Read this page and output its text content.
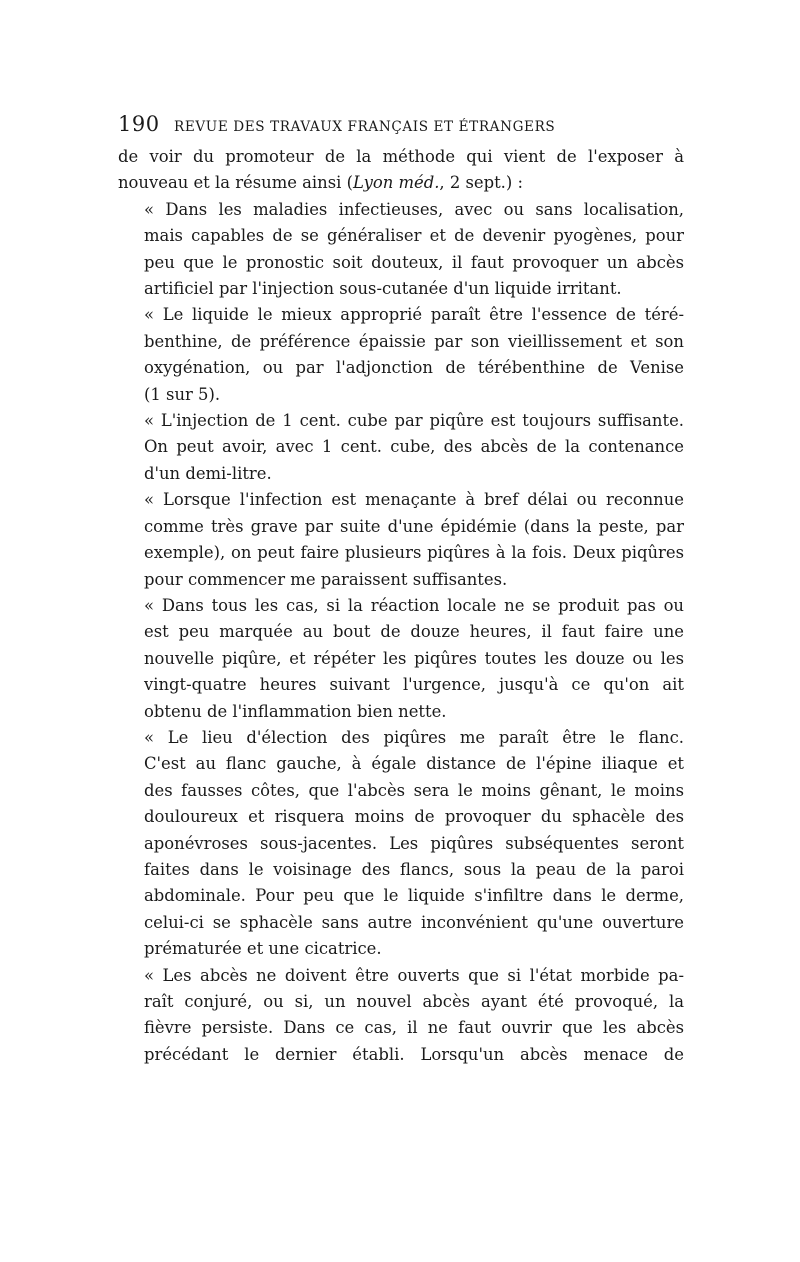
190	REVUE DES TRAVAUX FRANÇAIS ET ÉTRANGERS

de voir du promoteur de la méthode qui vient de l'exposer à
nouveau et la résume ainsi (Lyon méd., 2 sept.) :

« Dans les maladies infectieuses, avec ou sans localisation,
mais capables de se généraliser et de devenir pyogènes, pour
peu que le pronostic soit douteux, il faut provoquer un abcès
artificiel par l'injection sous-cutanée d'un liquide irritant.

« Le liquide le mieux approprié paraît être l'essence de téré-
benthine, de préférence épaissie par son vieillissement et son
oxygénation, ou par l'adjonction de térébenthine de Venise
(1 sur 5).

« L'injection de 1 cent. cube par piqûre est toujours suffisante.
On peut avoir, avec 1 cent. cube, des abcès de la contenance
d'un demi-litre.

« Lorsque l'infection est menaçante à bref délai ou reconnue
comme très grave par suite d'une épidémie (dans la peste, par
exemple), on peut faire plusieurs piqûres à la fois. Deux piqûres
pour commencer me paraissent suffisantes.

« Dans tous les cas, si la réaction locale ne se produit pas ou
est peu marquée au bout de douze heures, il faut faire une
nouvelle piqûre, et répéter les piqûres toutes les douze ou les
vingt-quatre heures suivant l'urgence, jusqu'à ce qu'on ait
obtenu de l'inflammation bien nette.

« Le lieu d'élection des piqûres me paraît être le flanc.
C'est au flanc gauche, à égale distance de l'épine iliaque et
des fausses côtes, que l'abcès sera le moins gênant, le moins
douloureux et risquera moins de provoquer du sphacèle des
aponévroses sous-jacentes. Les piqûres subséquentes seront
faites dans le voisinage des flancs, sous la peau de la paroi
abdominale. Pour peu que le liquide s'infiltre dans le derme,
celui-ci se sphacèle sans autre inconvénient qu'une ouverture
prématurée et une cicatrice.

« Les abcès ne doivent être ouverts que si l'état morbide pa-
raît conjuré, ou si, un nouvel abcès ayant été provoqué, la
fièvre persiste. Dans ce cas, il ne faut ouvrir que les abcès
précédant le dernier établi. Lorsqu'un abcès menace de
